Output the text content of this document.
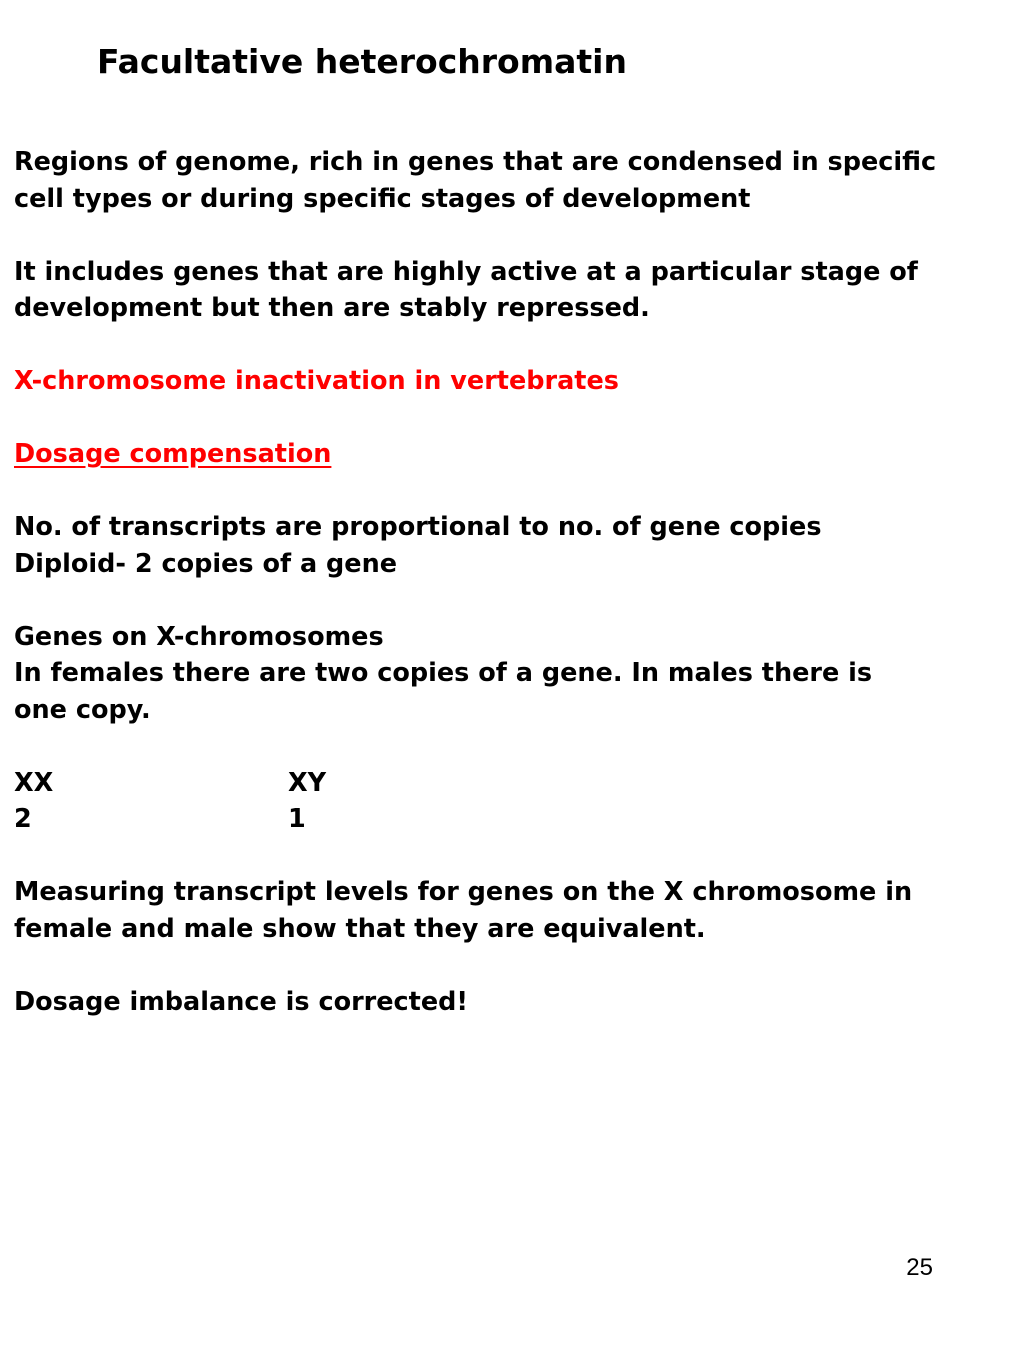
Facultative heterochromatin

Regions of genome, rich in genes that are condensed in specific
cell types or during specific stages of development

It includes genes that are highly active at a particular stage of
development but then are stably repressed.

X-chromosome inactivation in vertebrates

Dosage compensation

No. of transcripts are proportional to no. of gene copies
Diploid- 2 copies of a gene

Genes on X-chromosomes
In females there are two copies of a gene. In males there is
one copy.

XX	XY
2	1

Measuring transcript levels for genes on the X chromosome in
female and male show that they are equivalent.

Dosage imbalance is corrected!

25
